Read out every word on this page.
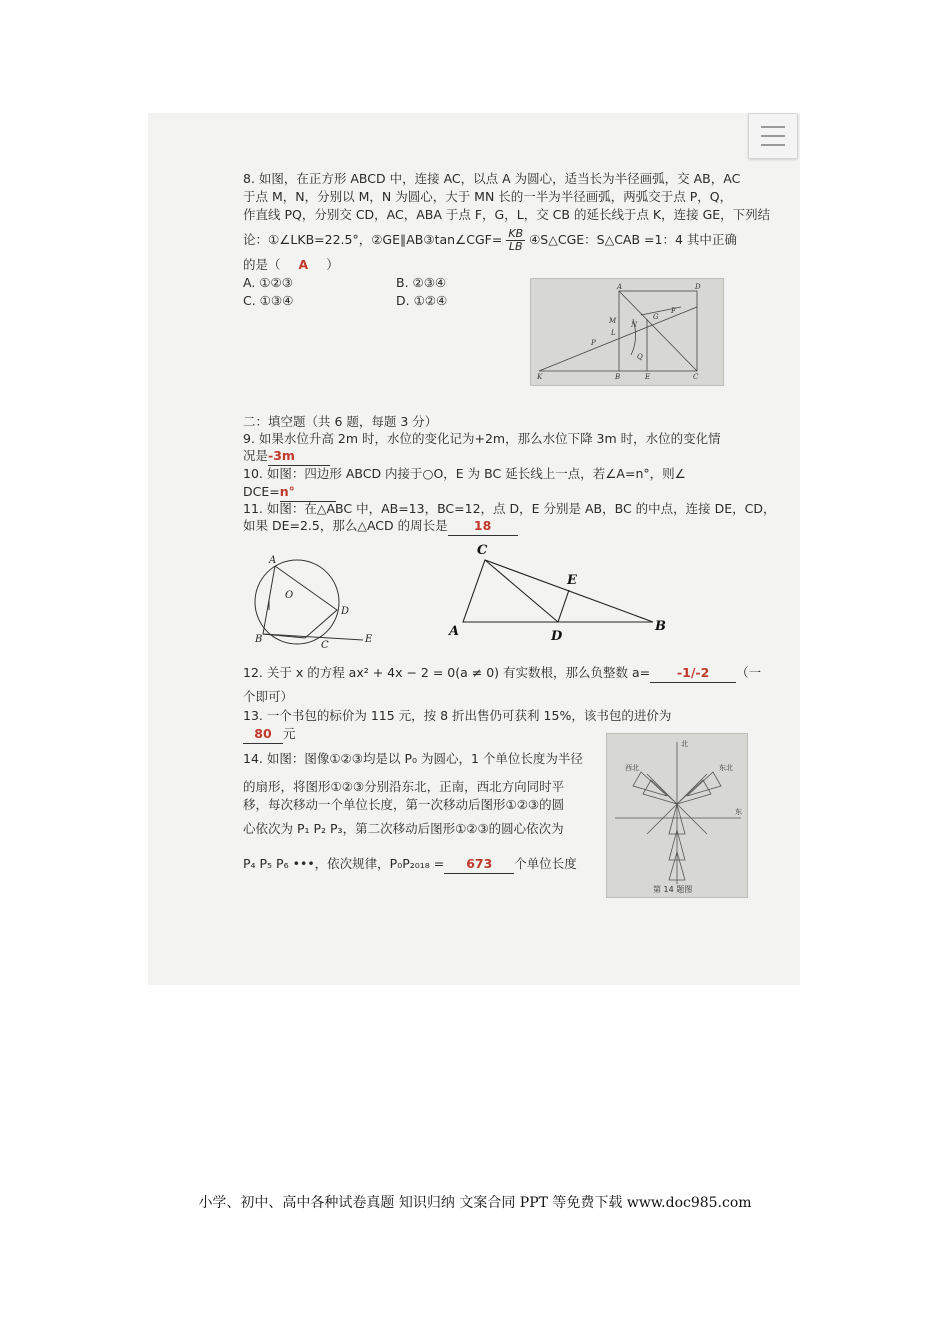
8. 如图，在正方形 ABCD 中，连接 AC，以点 A 为圆心，适当长为半径画弧，交 AB，AC
于点 M，N，分别以 M，N 为圆心，大于 MN 长的一半为半径画弧，两弧交于点 P，Q，
作直线 PQ，分别交 CD，AC，ABA 于点 F，G，L，交 CB 的延长线于点 K，连接 GE，下列结
论：①∠LKB=22.5°，②GE∥AB③tan∠CGF= $\frac{KB}{LB}$ ④S△CGE：S△CAB =1：4 其中正确
的是（ A ）
A. ①②③	B. ②③④
C. ①③④	D. ①②④
A	D
M
L
N
G
F
Q
P
K	B	E	C
二：填空题（共 6 题，每题 3 分）
9. 如果水位升高 2m 时，水位的变化记为+2m，那么水位下降 3m 时，水位的变化情
况是-3m
10. 如图：四边形 ABCD 内接于○O，E 为 BC 延长线上一点，若∠A=n°，则∠
DCE=n°
11. 如图：在△ABC 中，AB=13，BC=12，点 D，E 分别是 AB，BC 的中点，连接 DE，CD，
如果 DE=2.5，那么△ACD 的周长是 18
A
O
D
B
C
E
C
E
A	D
B
12. 关于 x 的方程 ax² + 4x − 2 = 0(a ≠ 0) 有实数根，那么负整数 a= -1/-2 （一
个即可）
13. 一个书包的标价为 115 元，按 8 折出售仍可获利 15%，该书包的进价为
80 元
14. 如图：图像①②③均是以 P₀ 为圆心，1 个单位长度为半径
的扇形，将图形①②③分别沿东北，正南，西北方向同时平
移，每次移动一个单位长度，第一次移动后图形①②③的圆
心依次为 P₁ P₂ P₃，第二次移动后图形①②③的圆心依次为
P₄ P₅ P₆ •••，依次规律，P₀P₂₀₁₈ = 673 个单位长度
北
东
东北
西北
第 14 题图
小学、初中、高中各种试卷真题 知识归纳 文案合同 PPT 等免费下载 www.doc985.com
